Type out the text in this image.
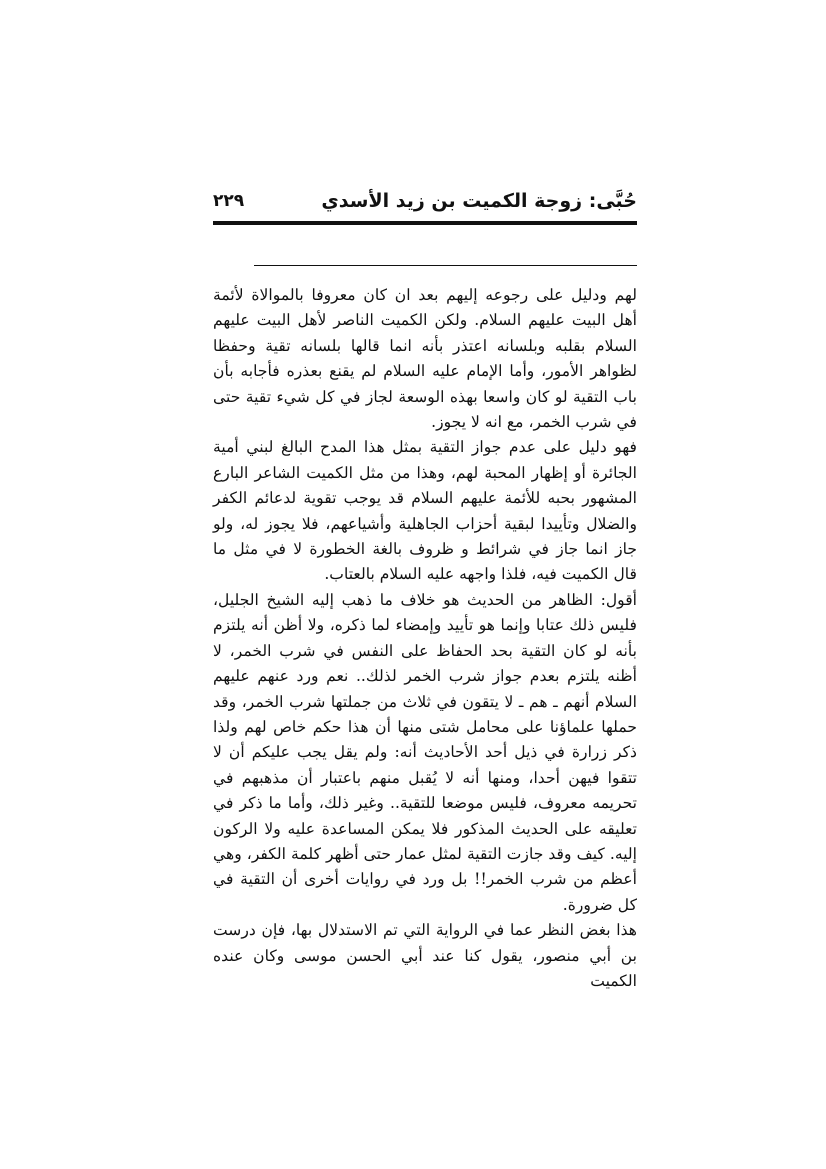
حُبَّى: زوجة الكميت بن زيد الأسدي
٢٢٩

لهم ودليل على رجوعه إليهم بعد ان كان معروفا بالموالاة لأئمة أهل البيت عليهم السلام. ولكن الكميت الناصر لأهل البيت عليهم السلام بقلبه وبلسانه اعتذر بأنه انما قالها بلسانه تقية وحفظا لظواهر الأمور، وأما الإمام عليه السلام لم يقنع بعذره فأجابه بأن باب التقية لو كان واسعا بهذه الوسعة لجاز في كل شيء تقية حتى في شرب الخمر، مع انه لا يجوز.

فهو دليل على عدم جواز التقية بمثل هذا المدح البالغ لبني أمية الجائرة أو إظهار المحبة لهم، وهذا من مثل الكميت الشاعر البارع المشهور بحبه للأئمة عليهم السلام قد يوجب تقوية لدعائم الكفر والضلال وتأييدا لبقية أحزاب الجاهلية وأشياعهم، فلا يجوز له، ولو جاز انما جاز في شرائط و ظروف بالغة الخطورة لا في مثل ما قال الكميت فيه، فلذا واجهه عليه السلام بالعتاب.

أقول: الظاهر من الحديث هو خلاف ما ذهب إليه الشيخ الجليل، فليس ذلك عتابا وإنما هو تأييد وإمضاء لما ذكره، ولا أظن أنه يلتزم بأنه لو كان التقية بحد الحفاظ على النفس في شرب الخمر، لا أظنه يلتزم بعدم جواز شرب الخمر لذلك.. نعم ورد عنهم عليهم السلام أنهم ـ هم ـ لا يتقون في ثلاث من جملتها شرب الخمر، وقد حملها علماؤنا على محامل شتى منها أن هذا حكم خاص لهم ولذا ذكر زرارة في ذيل أحد الأحاديث أنه: ولم يقل يجب عليكم أن لا تتقوا فيهن أحدا، ومنها أنه لا يُقبل منهم باعتبار أن مذهبهم في تحريمه معروف، فليس موضعا للتقية.. وغير ذلك، وأما ما ذكر في تعليقه على الحديث المذكور فلا يمكن المساعدة عليه ولا الركون إليه. كيف وقد جازت التقية لمثل عمار حتى أظهر كلمة الكفر، وهي أعظم من شرب الخمر!! بل ورد في روايات أخرى أن التقية في كل ضرورة.

هذا بغض النظر عما في الرواية التي تم الاستدلال بها، فإن درست بن أبي منصور، يقول كنا عند أبي الحسن موسى وكان عنده الكميت
